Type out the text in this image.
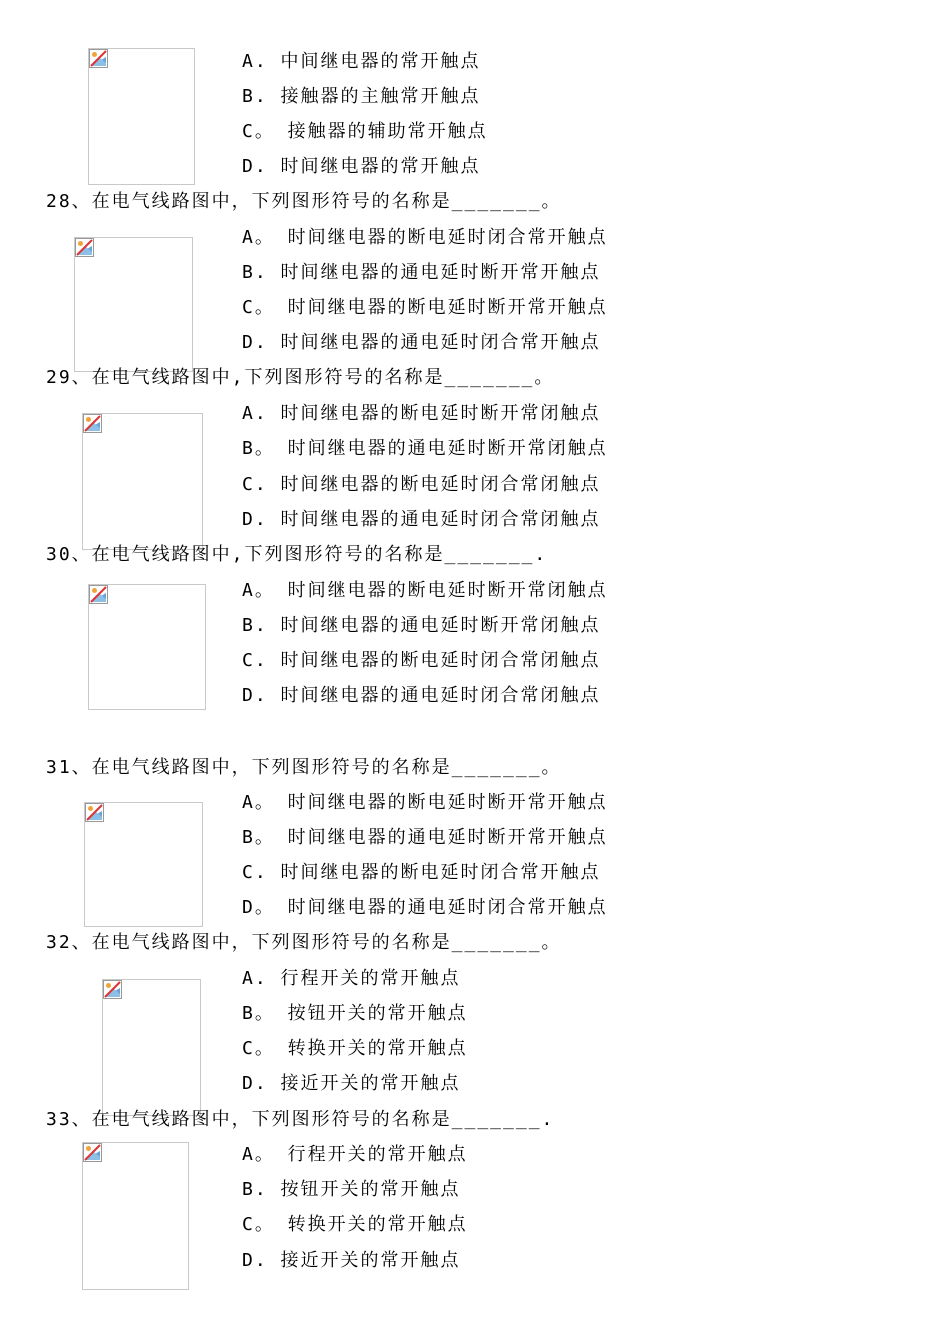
A. 中间继电器的常开触点
B. 接触器的主触常开触点
C。 接触器的辅助常开触点
D. 时间继电器的常开触点
28、在电气线路图中，下列图形符号的名称是_______。
A。 时间继电器的断电延时闭合常开触点
B. 时间继电器的通电延时断开常开触点
C。 时间继电器的断电延时断开常开触点
D. 时间继电器的通电延时闭合常开触点
29、在电气线路图中,下列图形符号的名称是_______。
A. 时间继电器的断电延时断开常闭触点
B。 时间继电器的通电延时断开常闭触点
C. 时间继电器的断电延时闭合常闭触点
D. 时间继电器的通电延时闭合常闭触点
30、在电气线路图中,下列图形符号的名称是_______.
A。 时间继电器的断电延时断开常闭触点
B. 时间继电器的通电延时断开常闭触点
C. 时间继电器的断电延时闭合常闭触点
D. 时间继电器的通电延时闭合常闭触点
31、在电气线路图中，下列图形符号的名称是_______。
A。 时间继电器的断电延时断开常开触点
B。 时间继电器的通电延时断开常开触点
C. 时间继电器的断电延时闭合常开触点
D。 时间继电器的通电延时闭合常开触点
32、在电气线路图中，下列图形符号的名称是_______。
A. 行程开关的常开触点
B。 按钮开关的常开触点
C。 转换开关的常开触点
D. 接近开关的常开触点
33、在电气线路图中，下列图形符号的名称是_______.
A。 行程开关的常开触点
B. 按钮开关的常开触点
C。 转换开关的常开触点
D. 接近开关的常开触点
